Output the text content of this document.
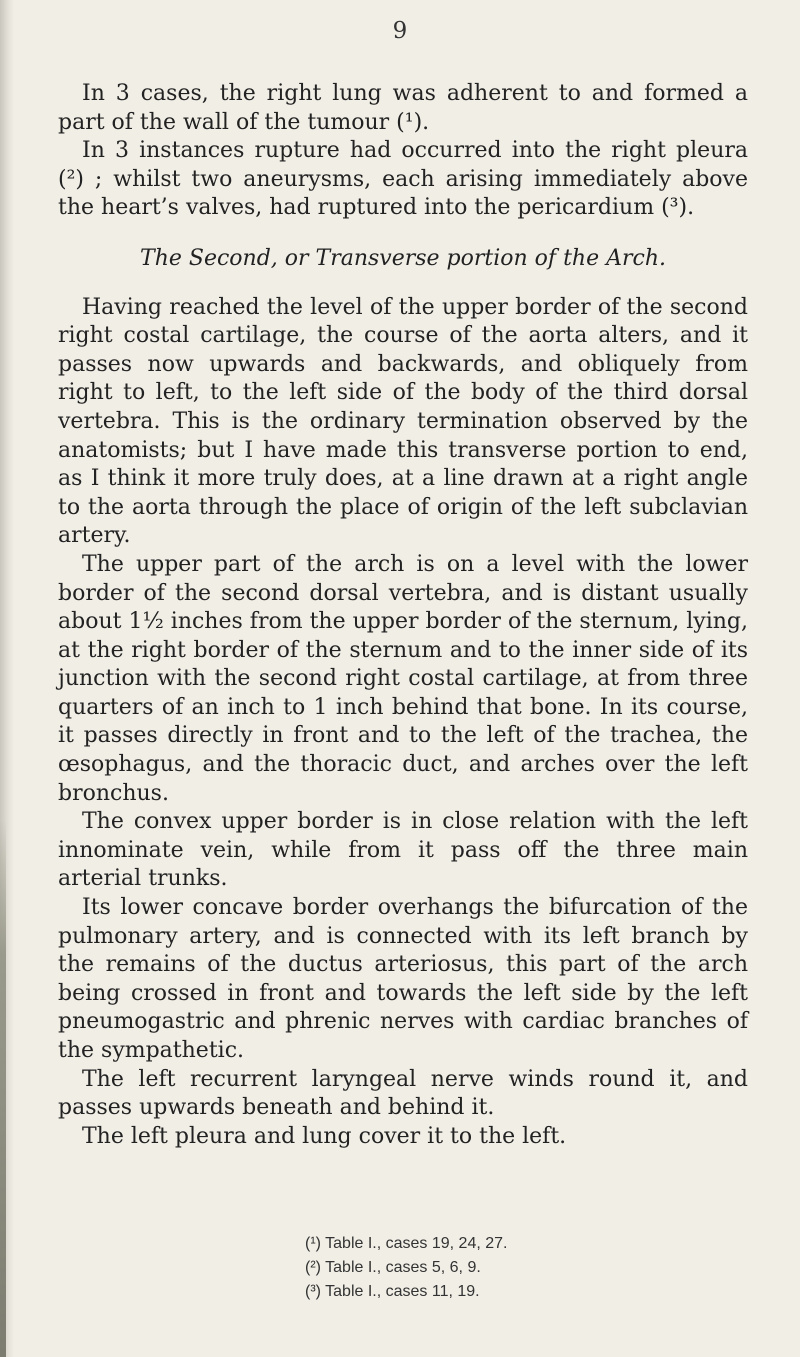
9

In 3 cases, the right lung was adherent to and formed a part of the wall of the tumour (¹).

In 3 instances rupture had occurred into the right pleura (²) ; whilst two aneurysms, each arising immediately above the heart’s valves, had ruptured into the pericardium (³).

The Second, or Transverse portion of the Arch.

Having reached the level of the upper border of the second right costal cartilage, the course of the aorta alters, and it passes now upwards and backwards, and obliquely from right to left, to the left side of the body of the third dorsal vertebra. This is the ordinary termination observed by the anatomists; but I have made this transverse portion to end, as I think it more truly does, at a line drawn at a right angle to the aorta through the place of origin of the left subclavian artery.

The upper part of the arch is on a level with the lower border of the second dorsal vertebra, and is distant usually about 1½ inches from the upper border of the sternum, lying, at the right border of the sternum and to the inner side of its junction with the second right costal cartilage, at from three quarters of an inch to 1 inch behind that bone. In its course, it passes directly in front and to the left of the trachea, the œsophagus, and the thoracic duct, and arches over the left bronchus.

The convex upper border is in close relation with the left innominate vein, while from it pass off the three main arterial trunks.

Its lower concave border overhangs the bifurcation of the pulmonary artery, and is connected with its left branch by the remains of the ductus arteriosus, this part of the arch being crossed in front and towards the left side by the left pneumogastric and phrenic nerves with cardiac branches of the sympathetic.

The left recurrent laryngeal nerve winds round it, and passes upwards beneath and behind it.

The left pleura and lung cover it to the left.

(¹) Table I., cases 19, 24, 27.
(²) Table I., cases 5, 6, 9.
(³) Table I., cases 11, 19.
